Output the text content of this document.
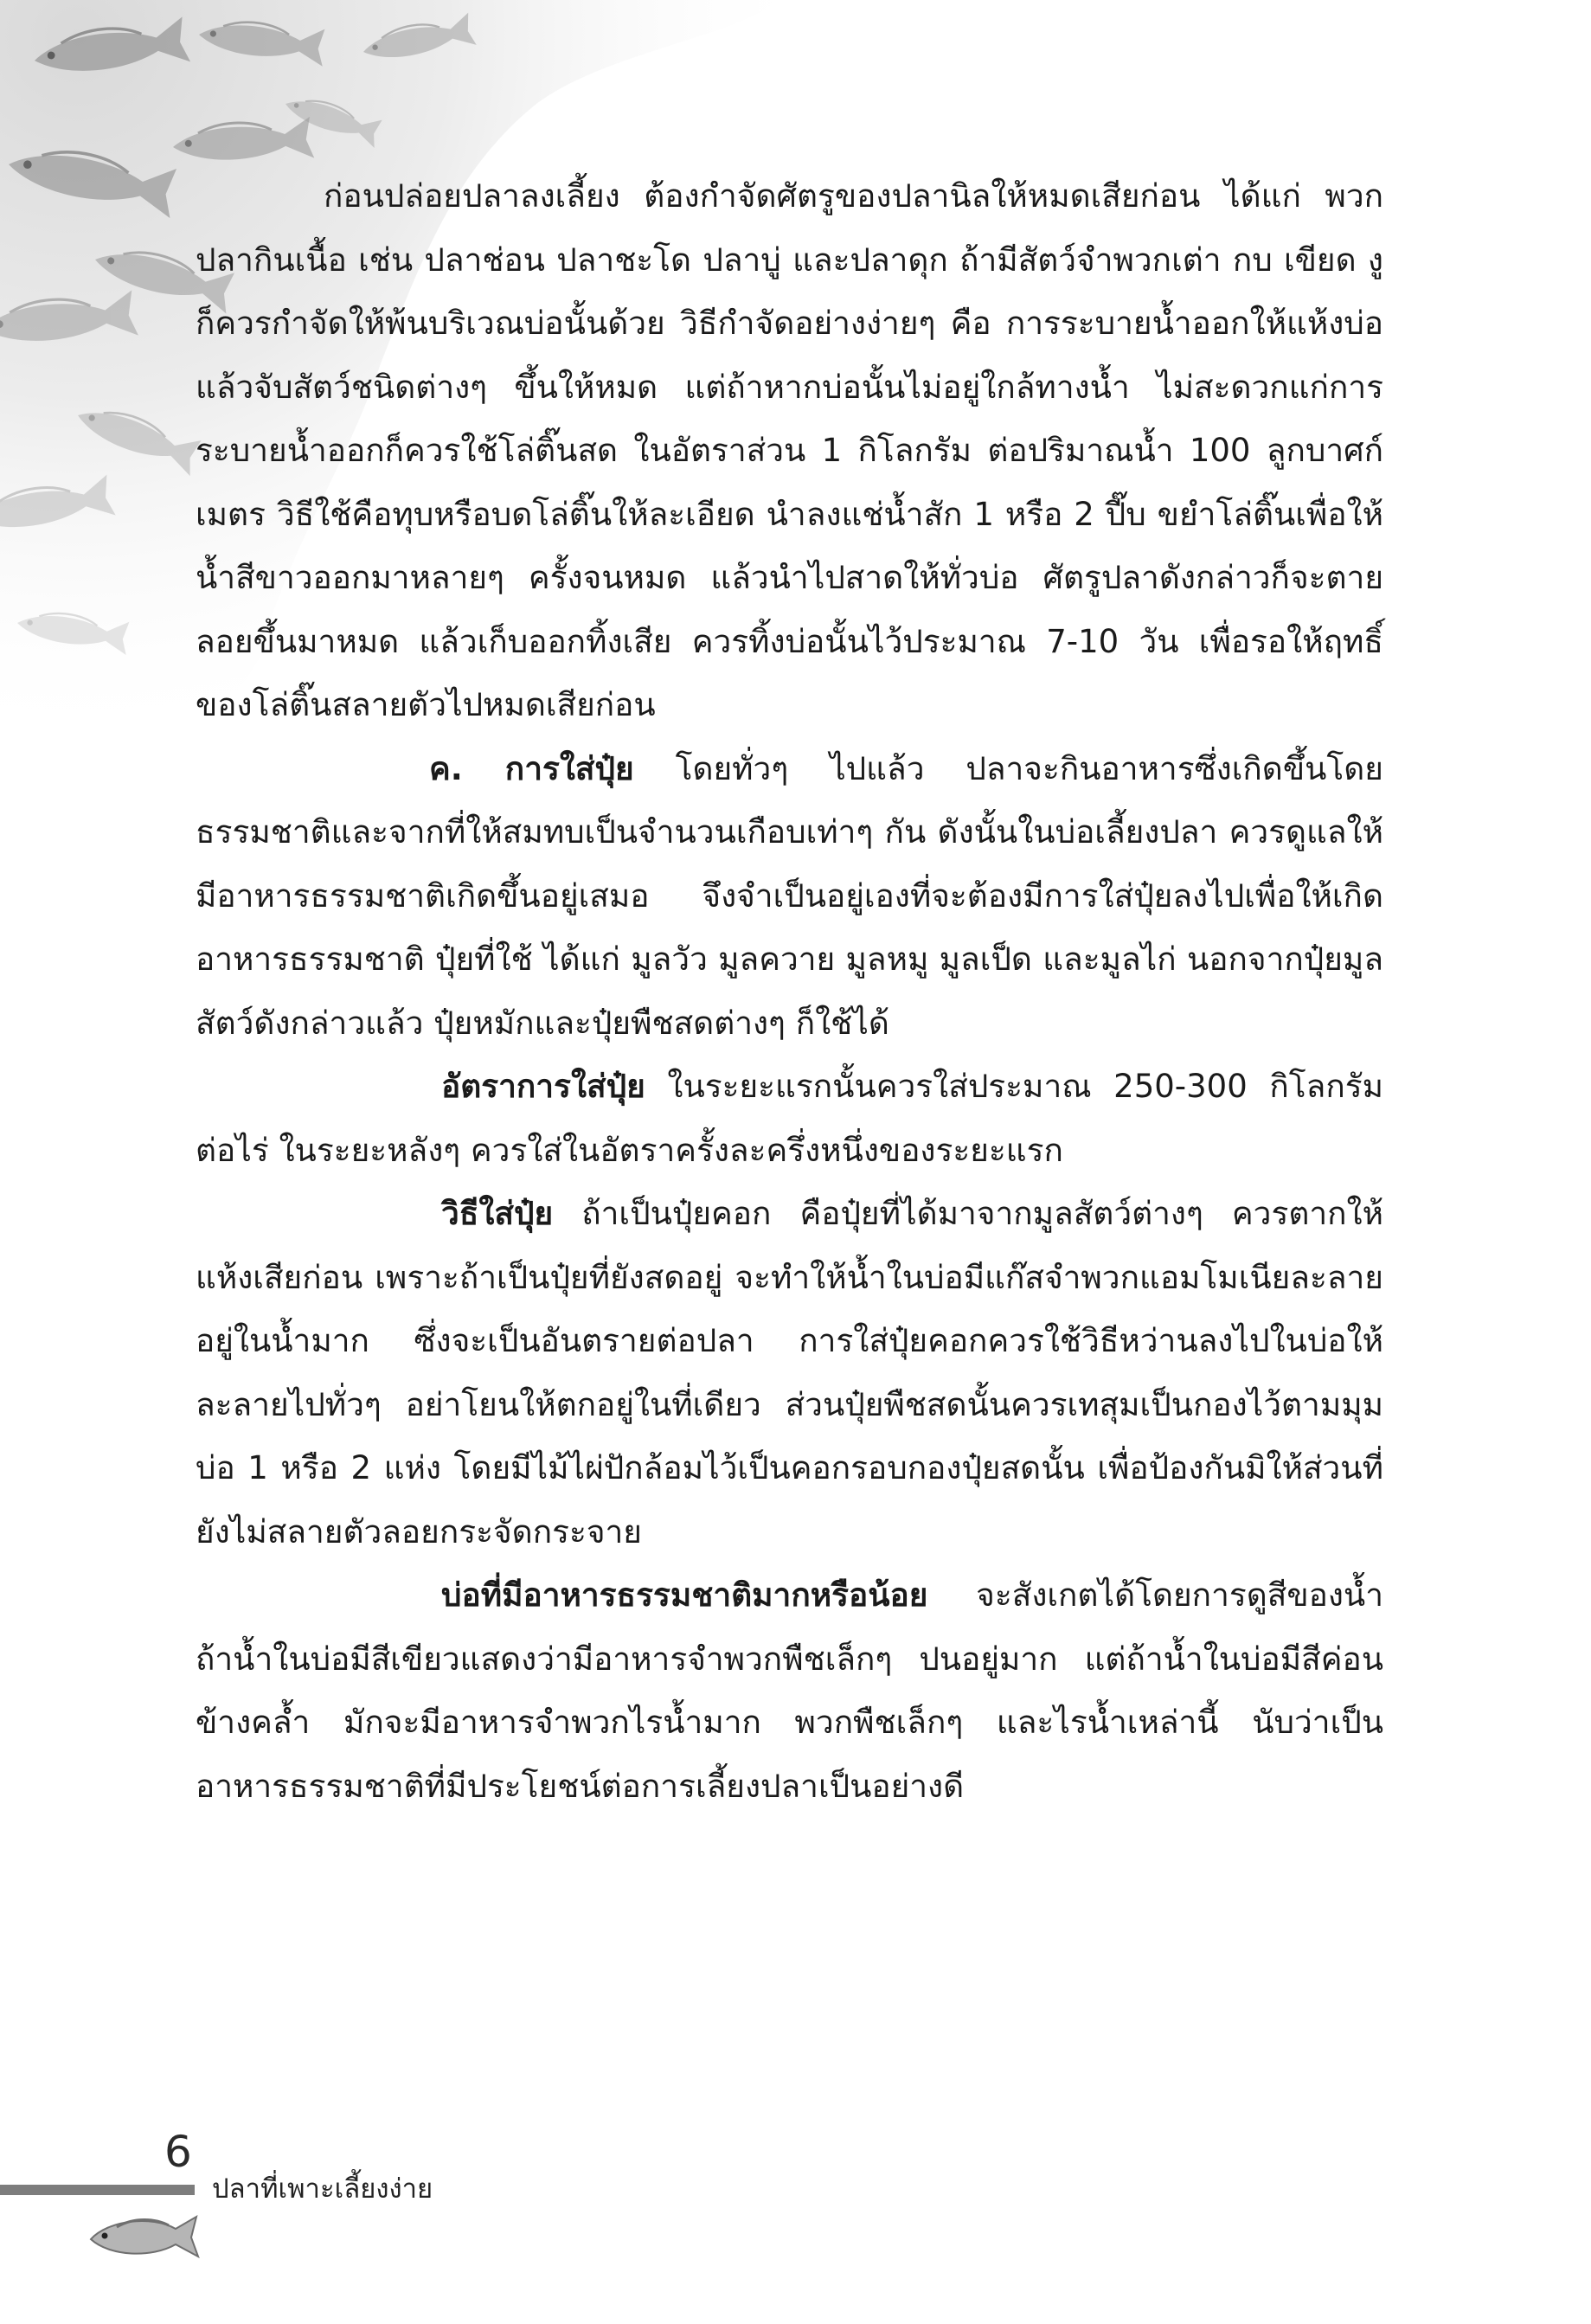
ก่อนปล่อยปลาลงเลี้ยง ต้องกำจัดศัตรูของปลานิลให้หมดเสียก่อน ได้แก่ พวกปลากินเนื้อ เช่น ปลาช่อน ปลาชะโด ปลาบู่ และปลาดุก ถ้ามีสัตว์จำพวกเต่า กบ เขียด งู ก็ควรกำจัดให้พ้นบริเวณบ่อนั้นด้วย วิธีกำจัดอย่างง่ายๆ คือ การระบายน้ำออกให้แห้งบ่อ แล้วจับสัตว์ชนิดต่างๆ ขึ้นให้หมด แต่ถ้าหากบ่อนั้นไม่อยู่ใกล้ทางน้ำ ไม่สะดวกแก่การระบายน้ำออกก็ควรใช้โล่ติ๊นสด ในอัตราส่วน 1 กิโลกรัม ต่อปริมาณน้ำ 100 ลูกบาศก์เมตร วิธีใช้คือทุบหรือบดโล่ติ๊นให้ละเอียด นำลงแช่น้ำสัก 1 หรือ 2 ปี๊บ ขยำโล่ติ๊นเพื่อให้น้ำสีขาวออกมาหลายๆ ครั้งจนหมด แล้วนำไปสาดให้ทั่วบ่อ ศัตรูปลาดังกล่าวก็จะตายลอยขึ้นมาหมด แล้วเก็บออกทิ้งเสีย ควรทิ้งบ่อนั้นไว้ประมาณ 7-10 วัน เพื่อรอให้ฤทธิ์ของโล่ติ๊นสลายตัวไปหมดเสียก่อน

ค. การใส่ปุ๋ย โดยทั่วๆ ไปแล้ว ปลาจะกินอาหารซึ่งเกิดขึ้นโดยธรรมชาติและจากที่ให้สมทบเป็นจำนวนเกือบเท่าๆ กัน ดังนั้นในบ่อเลี้ยงปลา ควรดูแลให้มีอาหารธรรมชาติเกิดขึ้นอยู่เสมอ จึงจำเป็นอยู่เองที่จะต้องมีการใส่ปุ๋ยลงไปเพื่อให้เกิดอาหารธรรมชาติ ปุ๋ยที่ใช้ ได้แก่ มูลวัว มูลควาย มูลหมู มูลเป็ด และมูลไก่ นอกจากปุ๋ยมูลสัตว์ดังกล่าวแล้ว ปุ๋ยหมักและปุ๋ยพืชสดต่างๆ ก็ใช้ได้

อัตราการใส่ปุ๋ย ในระยะแรกนั้นควรใส่ประมาณ 250-300 กิโลกรัม ต่อไร่ ในระยะหลังๆ ควรใส่ในอัตราครั้งละครึ่งหนึ่งของระยะแรก

วิธีใส่ปุ๋ย ถ้าเป็นปุ๋ยคอก คือปุ๋ยที่ได้มาจากมูลสัตว์ต่างๆ ควรตากให้แห้งเสียก่อน เพราะถ้าเป็นปุ๋ยที่ยังสดอยู่ จะทำให้น้ำในบ่อมีแก๊สจำพวกแอมโมเนียละลายอยู่ในน้ำมาก ซึ่งจะเป็นอันตรายต่อปลา การใส่ปุ๋ยคอกควรใช้วิธีหว่านลงไปในบ่อให้ละลายไปทั่วๆ อย่าโยนให้ตกอยู่ในที่เดียว ส่วนปุ๋ยพืชสดนั้นควรเทสุมเป็นกองไว้ตามมุมบ่อ 1 หรือ 2 แห่ง โดยมีไม้ไผ่ปักล้อมไว้เป็นคอกรอบกองปุ๋ยสดนั้น เพื่อป้องกันมิให้ส่วนที่ยังไม่สลายตัวลอยกระจัดกระจาย

บ่อที่มีอาหารธรรมชาติมากหรือน้อย จะสังเกตได้โดยการดูสีของน้ำ ถ้าน้ำในบ่อมีสีเขียวแสดงว่ามีอาหารจำพวกพืชเล็กๆ ปนอยู่มาก แต่ถ้าน้ำในบ่อมีสีค่อนข้างคล้ำ มักจะมีอาหารจำพวกไรน้ำมาก พวกพืชเล็กๆ และไรน้ำเหล่านี้ นับว่าเป็นอาหารธรรมชาติที่มีประโยชน์ต่อการเลี้ยงปลาเป็นอย่างดี

6
ปลาที่เพาะเลี้ยงง่าย
